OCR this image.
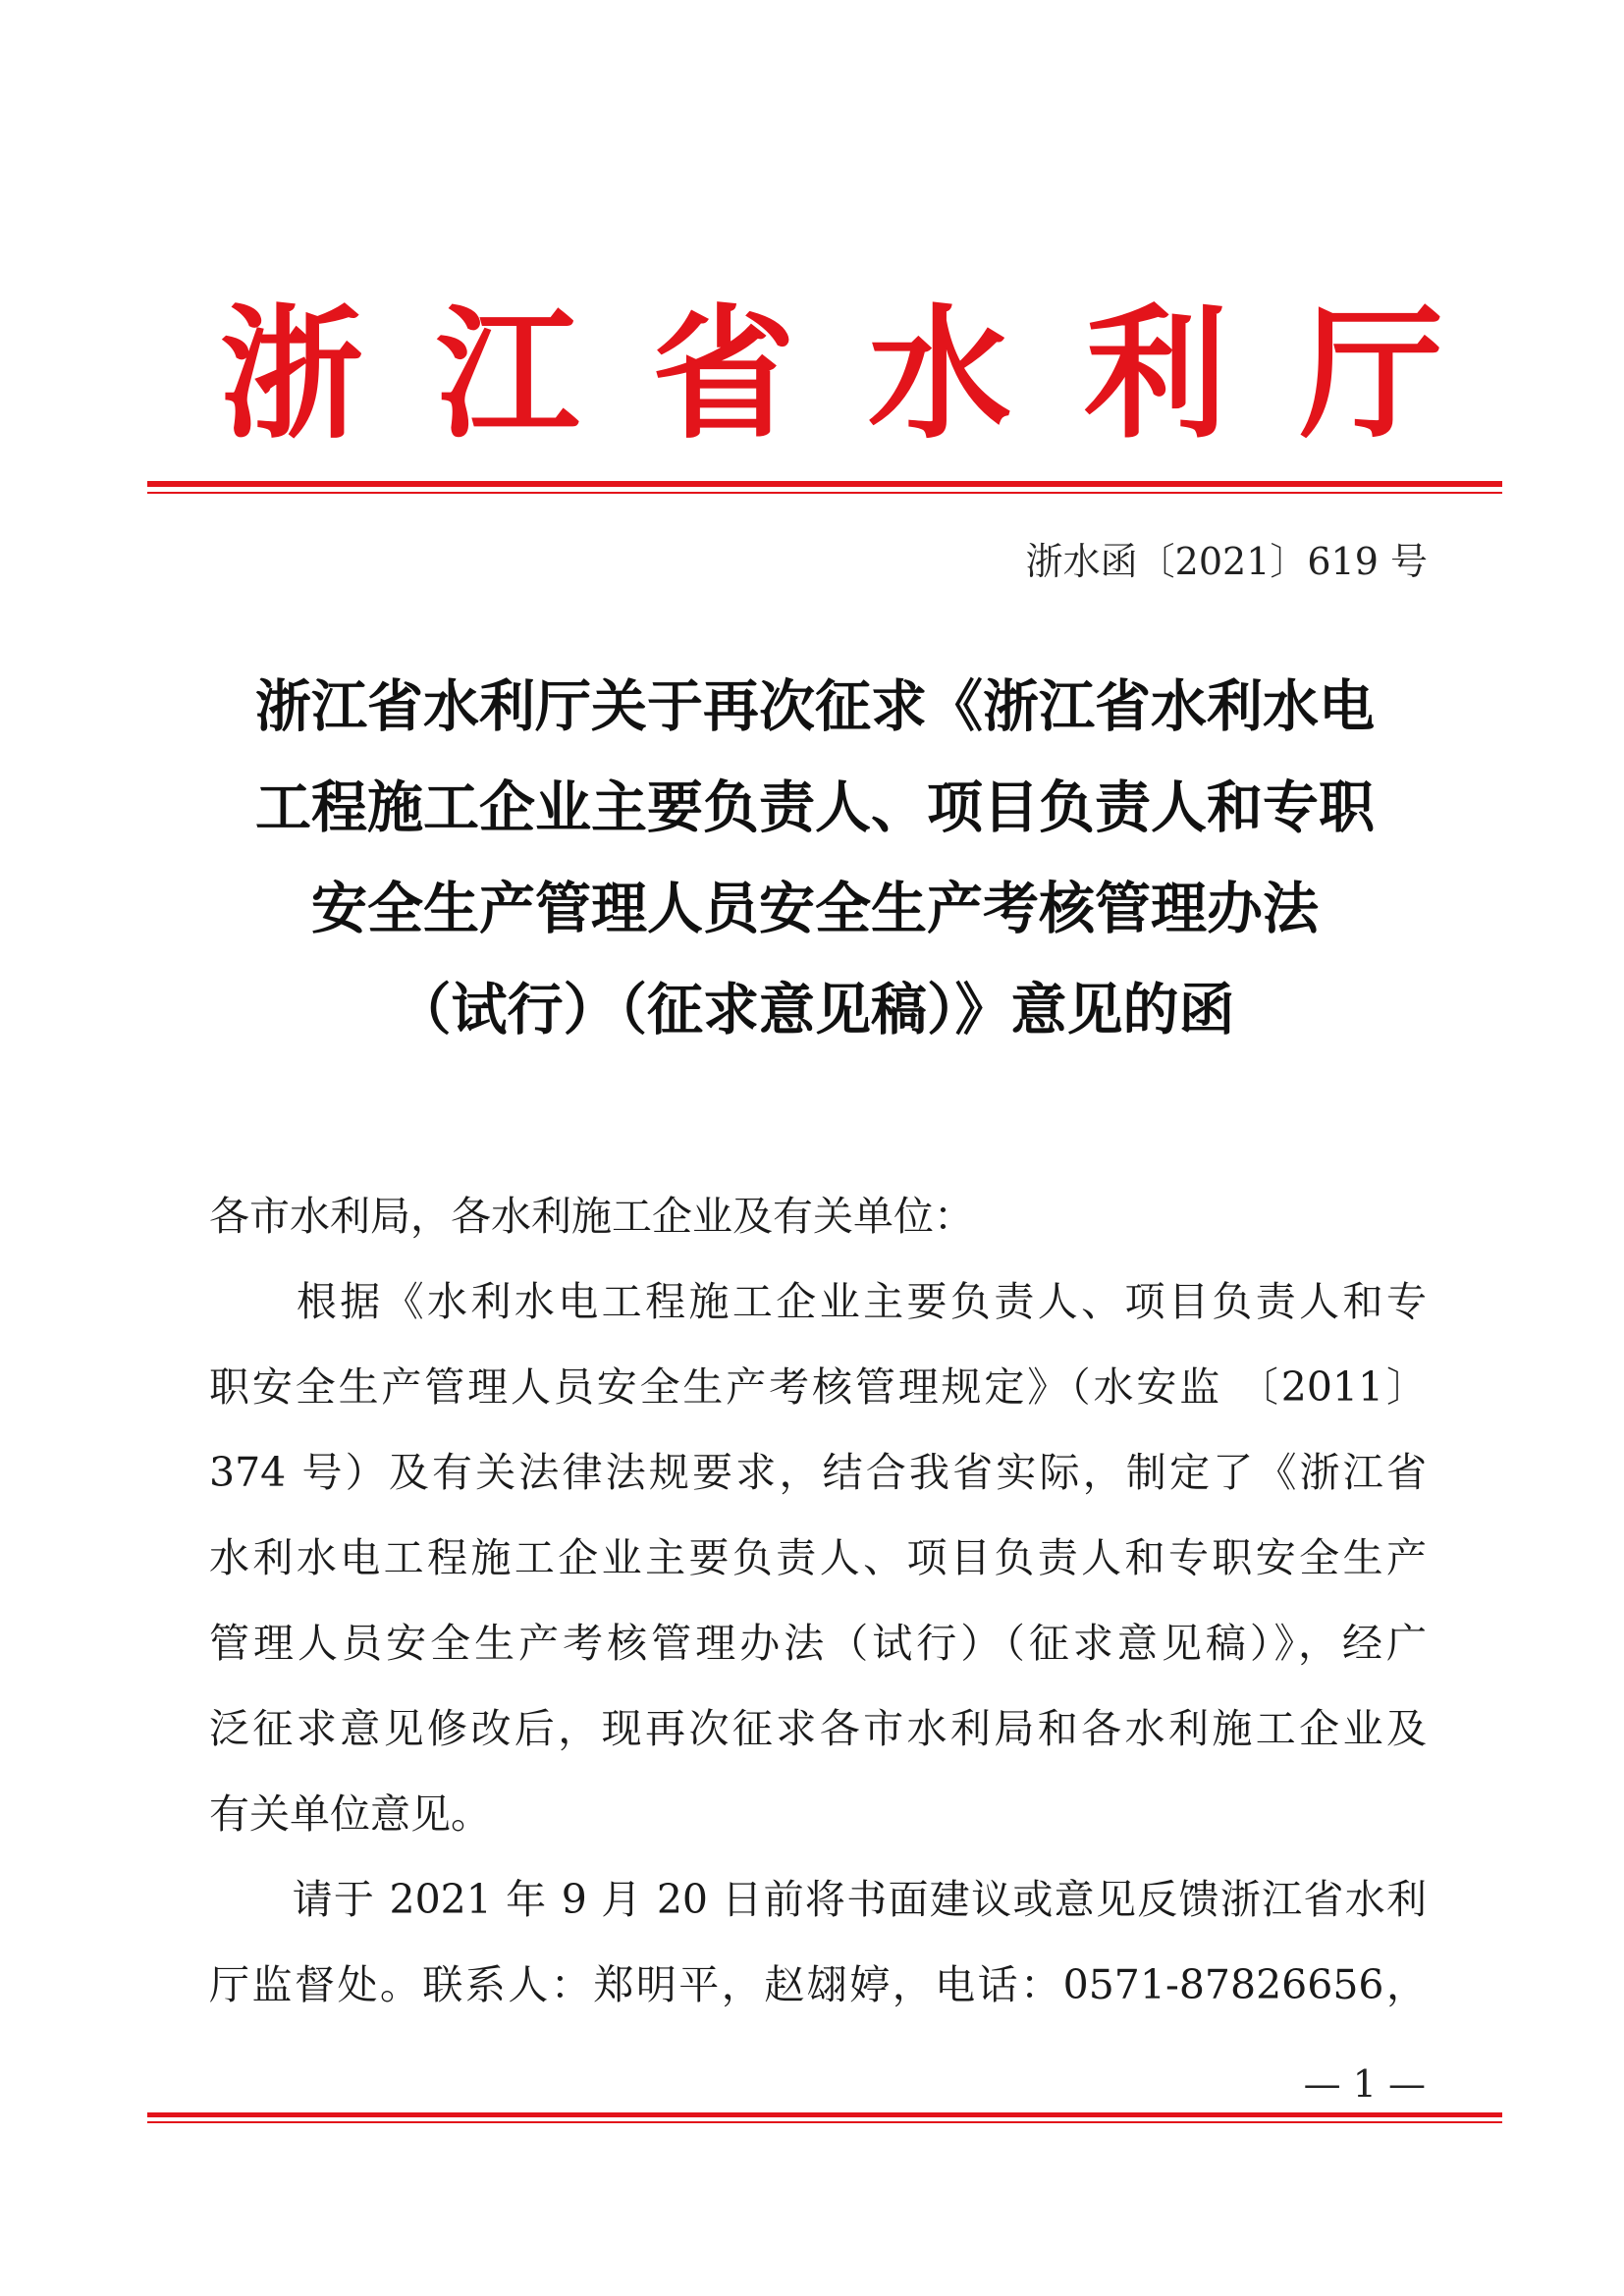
浙江省水利厅
浙水函〔2021〕619 号
浙江省水利厅关于再次征求《浙江省水利水电
工程施工企业主要负责人、项目负责人和专职
安全生产管理人员安全生产考核管理办法
（试行）（征求意见稿）》意见的函
各市水利局，各水利施工企业及有关单位：
　　根据《水利水电工程施工企业主要负责人、项目负责人和专
职安全生产管理人员安全生产考核管理规定》（水安监 〔2011〕
374 号）及有关法律法规要求，结合我省实际，制定了《浙江省
水利水电工程施工企业主要负责人、项目负责人和专职安全生产
管理人员安全生产考核管理办法（试行）（征求意见稿）》，经广
泛征求意见修改后，现再次征求各市水利局和各水利施工企业及
有关单位意见。
　　请于 2021 年 9 月 20 日前将书面建议或意见反馈浙江省水利
厅监督处。联系人：郑明平，赵翃婷，电话：0571-87826656，
— 1 —
